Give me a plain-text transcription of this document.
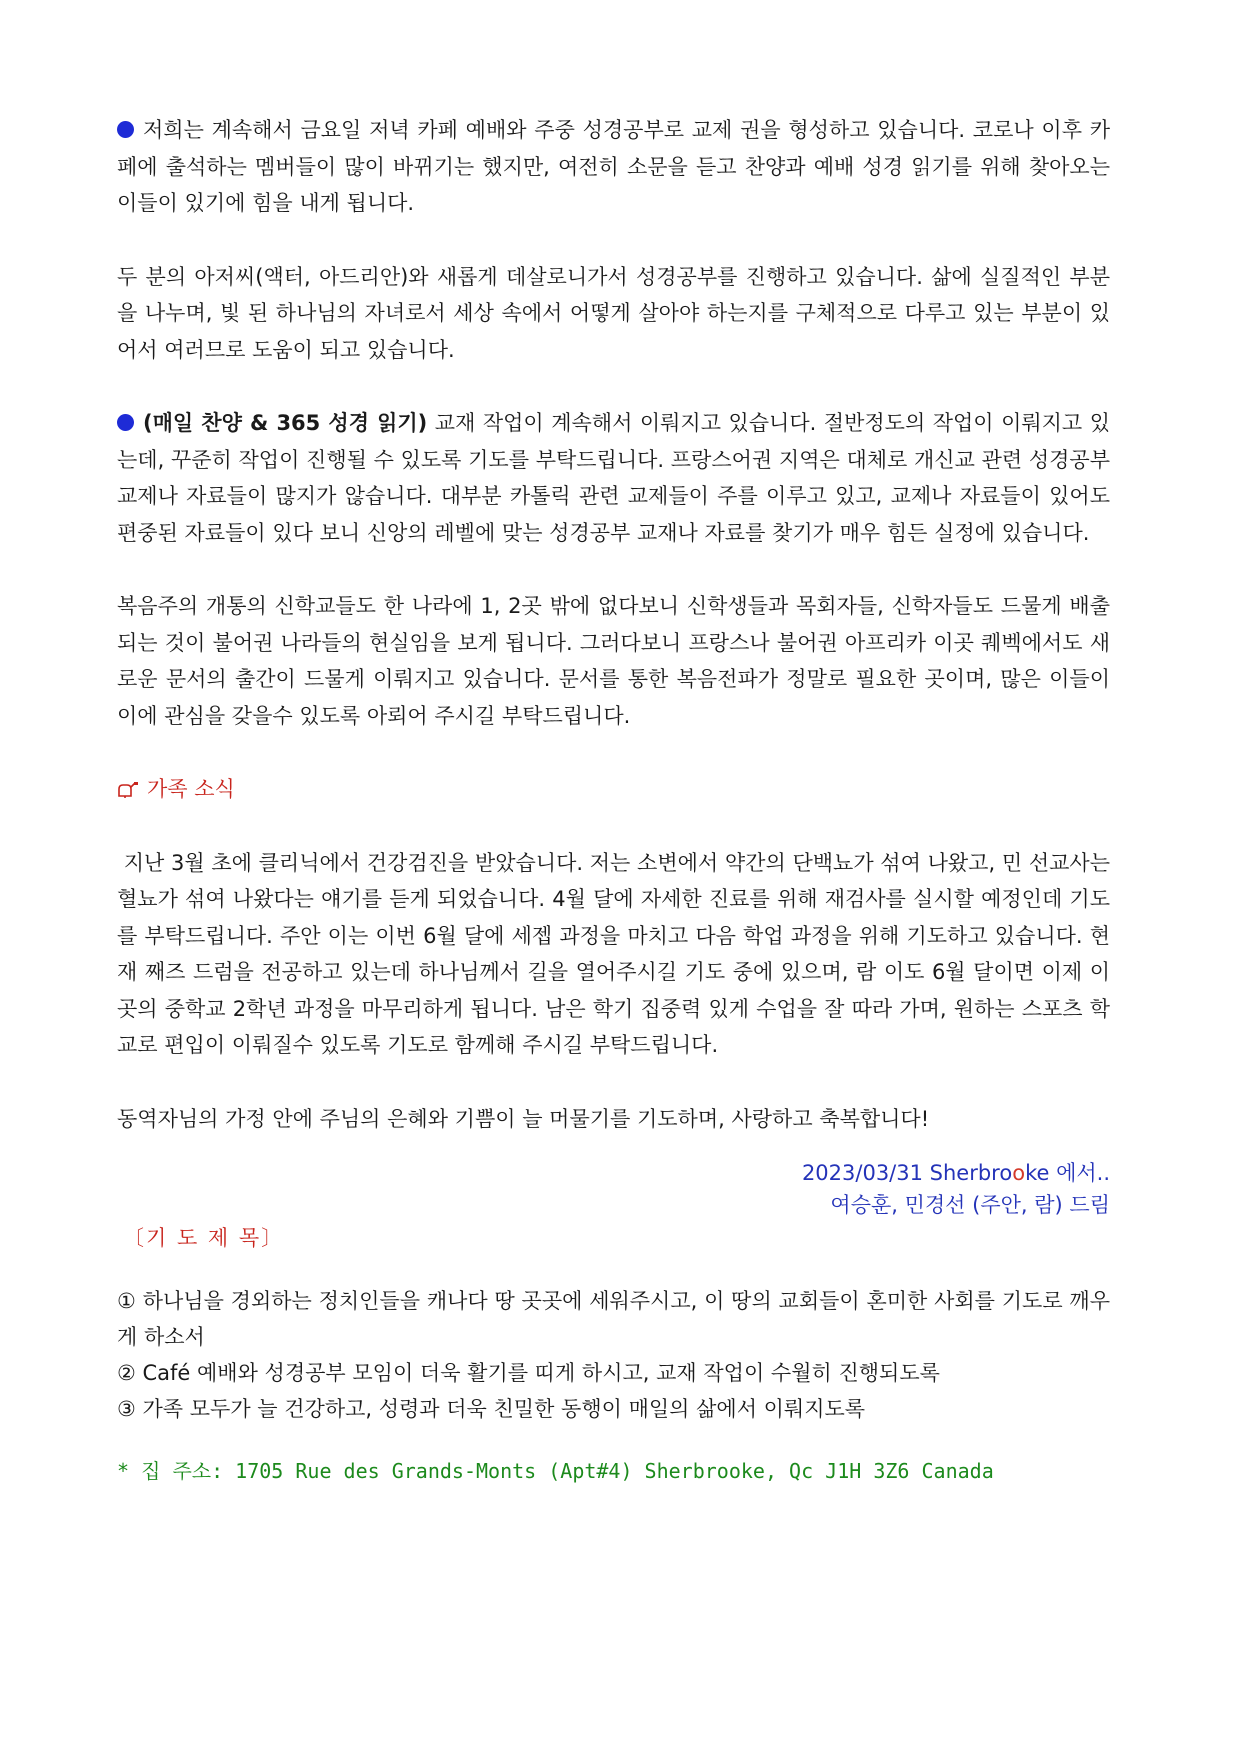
저희는 계속해서 금요일 저녁 카페 예배와 주중 성경공부로 교제 권을 형성하고 있습니다. 코로나 이후 카페에 출석하는 멤버들이 많이 바뀌기는 했지만, 여전히 소문을 듣고 찬양과 예배 성경 읽기를 위해 찾아오는 이들이 있기에 힘을 내게 됩니다.

두 분의 아저씨(액터, 아드리안)와 새롭게 데살로니가서 성경공부를 진행하고 있습니다. 삶에 실질적인 부분을 나누며, 빛 된 하나님의 자녀로서 세상 속에서 어떻게 살아야 하는지를 구체적으로 다루고 있는 부분이 있어서 여러므로 도움이 되고 있습니다.

(매일 찬양 & 365 성경 읽기) 교재 작업이 계속해서 이뤄지고 있습니다. 절반정도의 작업이 이뤄지고 있는데, 꾸준히 작업이 진행될 수 있도록 기도를 부탁드립니다. 프랑스어권 지역은 대체로 개신교 관련 성경공부 교제나 자료들이 많지가 않습니다. 대부분 카톨릭 관련 교제들이 주를 이루고 있고, 교제나 자료들이 있어도 편중된 자료들이 있다 보니 신앙의 레벨에 맞는 성경공부 교재나 자료를 찾기가 매우 힘든 실정에 있습니다.

복음주의 개통의 신학교들도 한 나라에 1, 2곳 밖에 없다보니 신학생들과 목회자들, 신학자들도 드물게 배출되는 것이 불어권 나라들의 현실임을 보게 됩니다. 그러다보니 프랑스나 불어권 아프리카 이곳 퀘벡에서도 새로운 문서의 출간이 드물게 이뤄지고 있습니다. 문서를 통한 복음전파가 정말로 필요한 곳이며, 많은 이들이 이에 관심을 갖을수 있도록 아뢰어 주시길 부탁드립니다.

가족 소식

지난 3월 초에 클리닉에서 건강검진을 받았습니다. 저는 소변에서 약간의 단백뇨가 섞여 나왔고, 민 선교사는 혈뇨가 섞여 나왔다는 얘기를 듣게 되었습니다. 4월 달에 자세한 진료를 위해 재검사를 실시할 예정인데 기도를 부탁드립니다. 주안 이는 이번 6월 달에 세젭 과정을 마치고 다음 학업 과정을 위해 기도하고 있습니다. 현재 째즈 드럼을 전공하고 있는데 하나님께서 길을 열어주시길 기도 중에 있으며, 람 이도 6월 달이면 이제 이곳의 중학교 2학년 과정을 마무리하게 됩니다. 남은 학기 집중력 있게 수업을 잘 따라 가며, 원하는 스포츠 학교로 편입이 이뤄질수 있도록 기도로 함께해 주시길 부탁드립니다.

동역자님의 가정 안에 주님의 은혜와 기쁨이 늘 머물기를 기도하며, 사랑하고 축복합니다!

2023/03/31 Sherbrooke 에서..

여승훈, 민경선 (주안, 람) 드림

〔기 도 제 목〕

① 하나님을 경외하는 정치인들을 캐나다 땅 곳곳에 세워주시고, 이 땅의 교회들이 혼미한 사회를 기도로 깨우게 하소서
② Café 예배와 성경공부 모임이 더욱 활기를 띠게 하시고, 교재 작업이 수월히 진행되도록
③ 가족 모두가 늘 건강하고, 성령과 더욱 친밀한 동행이 매일의 삶에서 이뤄지도록

* 집 주소: 1705 Rue des Grands-Monts (Apt#4) Sherbrooke, Qc J1H 3Z6 Canada
